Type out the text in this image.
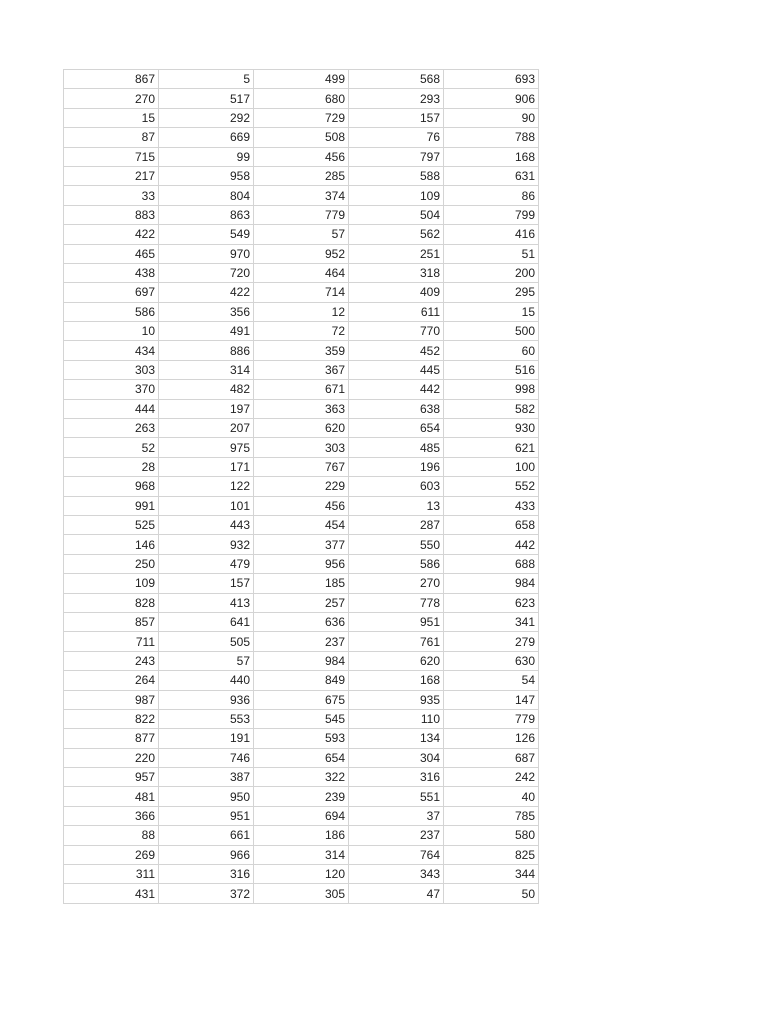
867	5	499	568	693
270	517	680	293	906
15	292	729	157	90
87	669	508	76	788
715	99	456	797	168
217	958	285	588	631
33	804	374	109	86
883	863	779	504	799
422	549	57	562	416
465	970	952	251	51
438	720	464	318	200
697	422	714	409	295
586	356	12	611	15
10	491	72	770	500
434	886	359	452	60
303	314	367	445	516
370	482	671	442	998
444	197	363	638	582
263	207	620	654	930
52	975	303	485	621
28	171	767	196	100
968	122	229	603	552
991	101	456	13	433
525	443	454	287	658
146	932	377	550	442
250	479	956	586	688
109	157	185	270	984
828	413	257	778	623
857	641	636	951	341
711	505	237	761	279
243	57	984	620	630
264	440	849	168	54
987	936	675	935	147
822	553	545	110	779
877	191	593	134	126
220	746	654	304	687
957	387	322	316	242
481	950	239	551	40
366	951	694	37	785
88	661	186	237	580
269	966	314	764	825
311	316	120	343	344
431	372	305	47	50
